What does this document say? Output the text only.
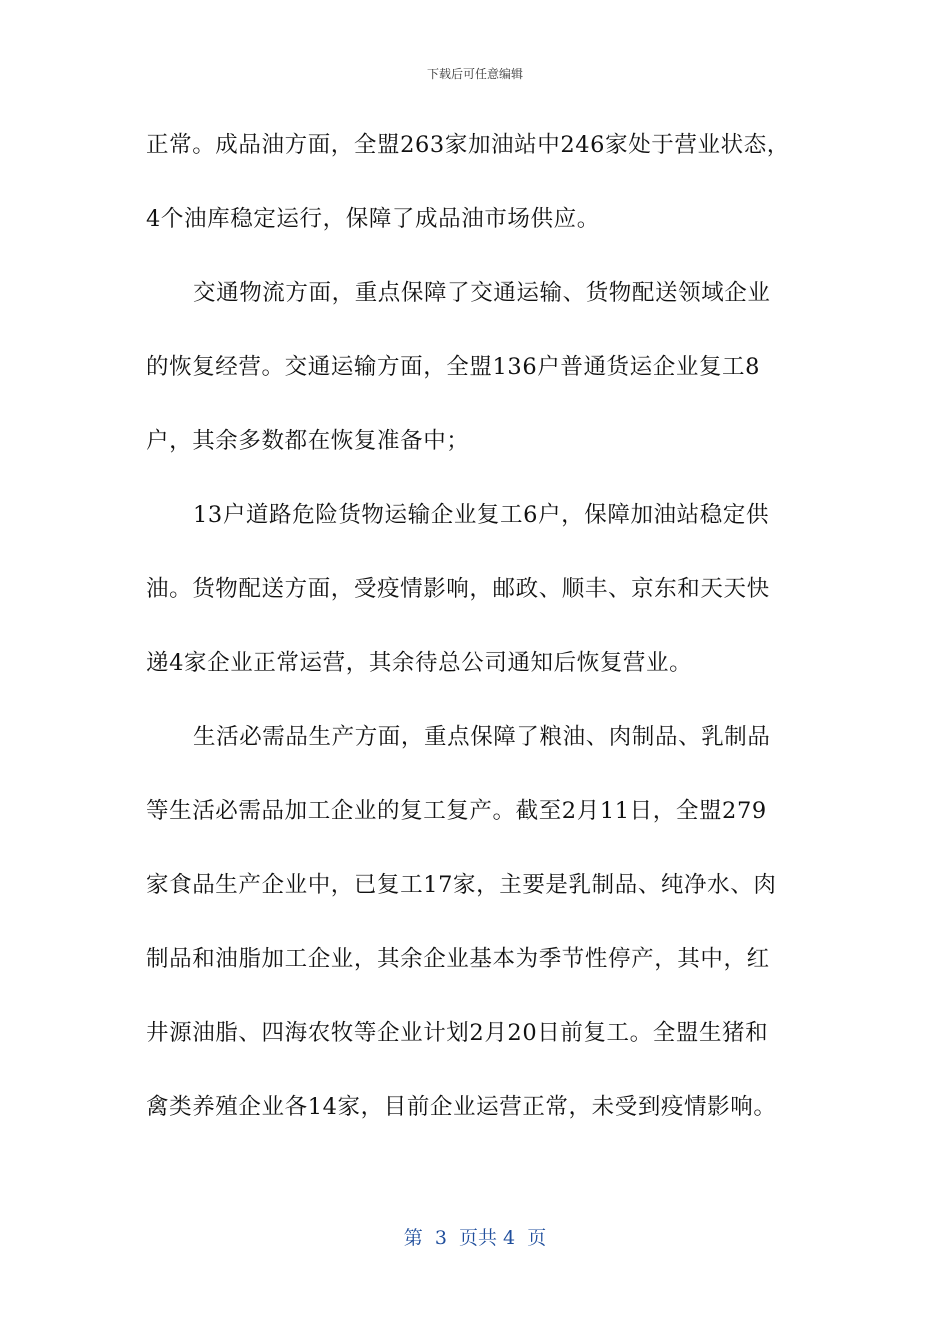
下载后可任意编辑
正常。成品油方面，全盟263家加油站中246家处于营业状态，
4个油库稳定运行，保障了成品油市场供应。
交通物流方面，重点保障了交通运输、货物配送领域企业
的恢复经营。交通运输方面，全盟136户普通货运企业复工8
户，其余多数都在恢复准备中；
13户道路危险货物运输企业复工6户，保障加油站稳定供
油。货物配送方面，受疫情影响，邮政、顺丰、京东和天天快
递4家企业正常运营，其余待总公司通知后恢复营业。
生活必需品生产方面，重点保障了粮油、肉制品、乳制品
等生活必需品加工企业的复工复产。截至2月11日，全盟279
家食品生产企业中，已复工17家，主要是乳制品、纯净水、肉
制品和油脂加工企业，其余企业基本为季节性停产，其中，红
井源油脂、四海农牧等企业计划2月20日前复工。全盟生猪和
禽类养殖企业各14家，目前企业运营正常，未受到疫情影响。
第  3  页共 4  页
